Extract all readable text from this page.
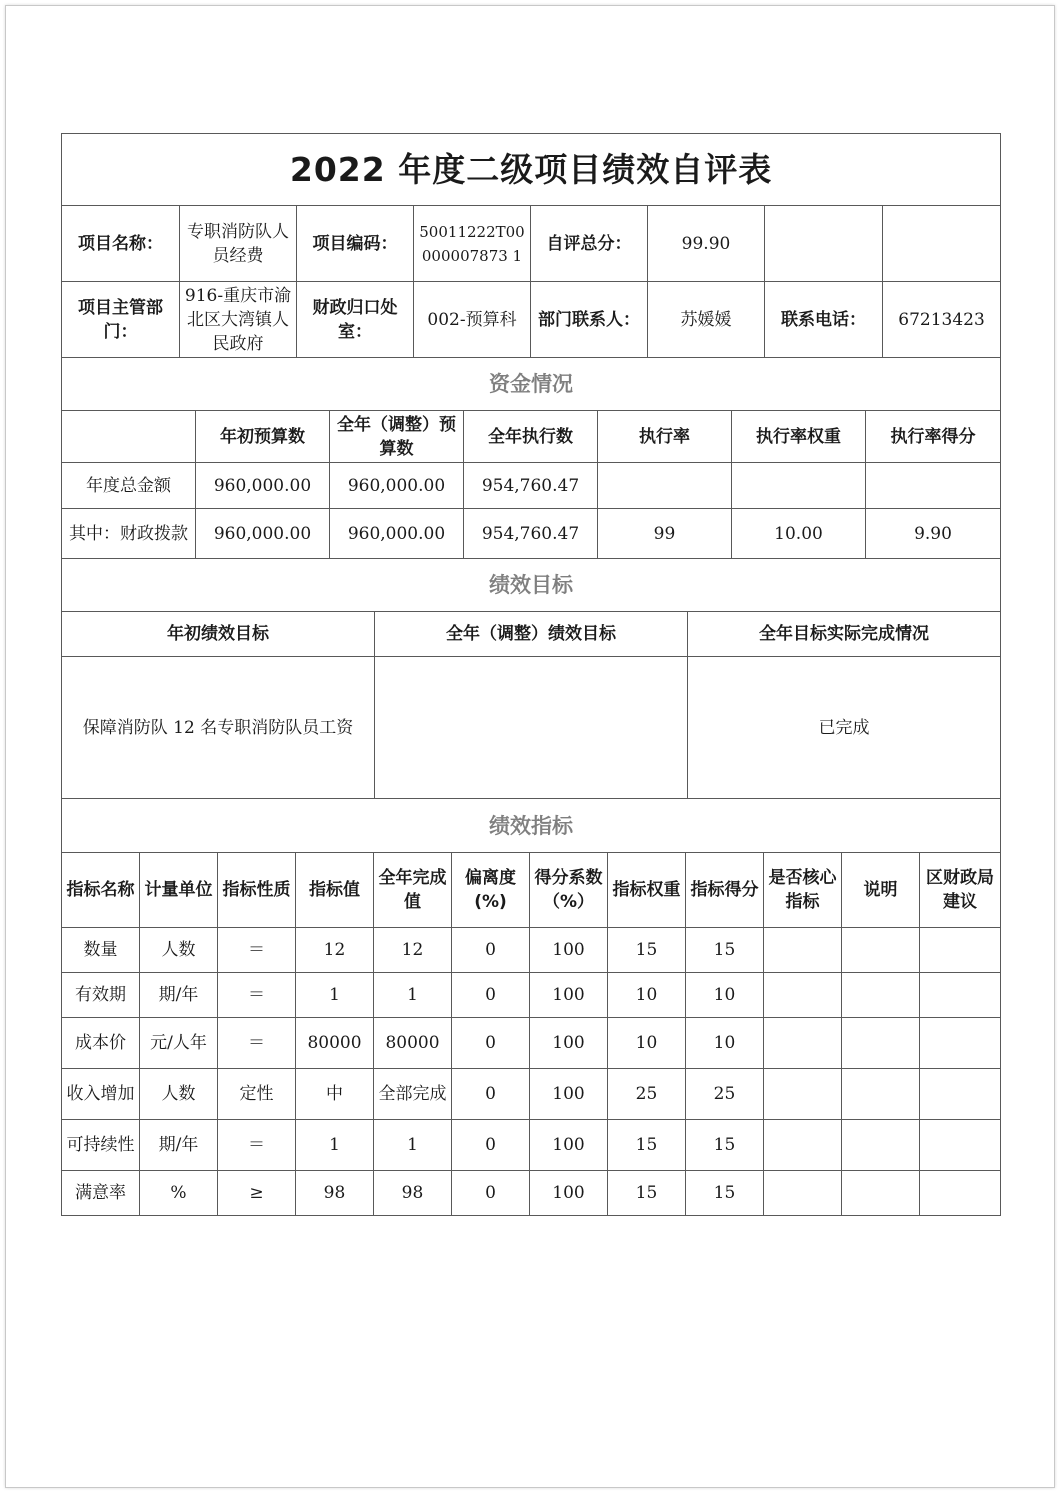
2022 年度二级项目绩效自评表							
项目名称：	专职消防队人员经费	项目编码：	50011222T00000007873 1	自评总分：	99.90		
项目主管部门：	916-重庆市渝北区大湾镇人民政府	财政归口处室：	002-预算科	部门联系人：	苏媛媛	联系电话：	67213423
资金情况						
	年初预算数	全年（调整）预算数	全年执行数	执行率	执行率权重	执行率得分
年度总金额	960,000.00	960,000.00	954,760.47			
其中：财政拨款	960,000.00	960,000.00	954,760.47	99	10.00	9.90
绩效目标		
年初绩效目标	全年（调整）绩效目标	全年目标实际完成情况
保障消防队 12 名专职消防队员工资		已完成
绩效指标											
指标名称	计量单位	指标性质	指标值	全年完成值	偏离度(%)	得分系数（%）	指标权重	指标得分	是否核心指标	说明	区财政局建议
数量	人数	＝	12	12	0	100	15	15			
有效期	期/年	＝	1	1	0	100	10	10			
成本价	元/人年	＝	80000	80000	0	100	10	10			
收入增加	人数	定性	中	全部完成	0	100	25	25			
可持续性	期/年	＝	1	1	0	100	15	15			
满意率	%	≥	98	98	0	100	15	15			
